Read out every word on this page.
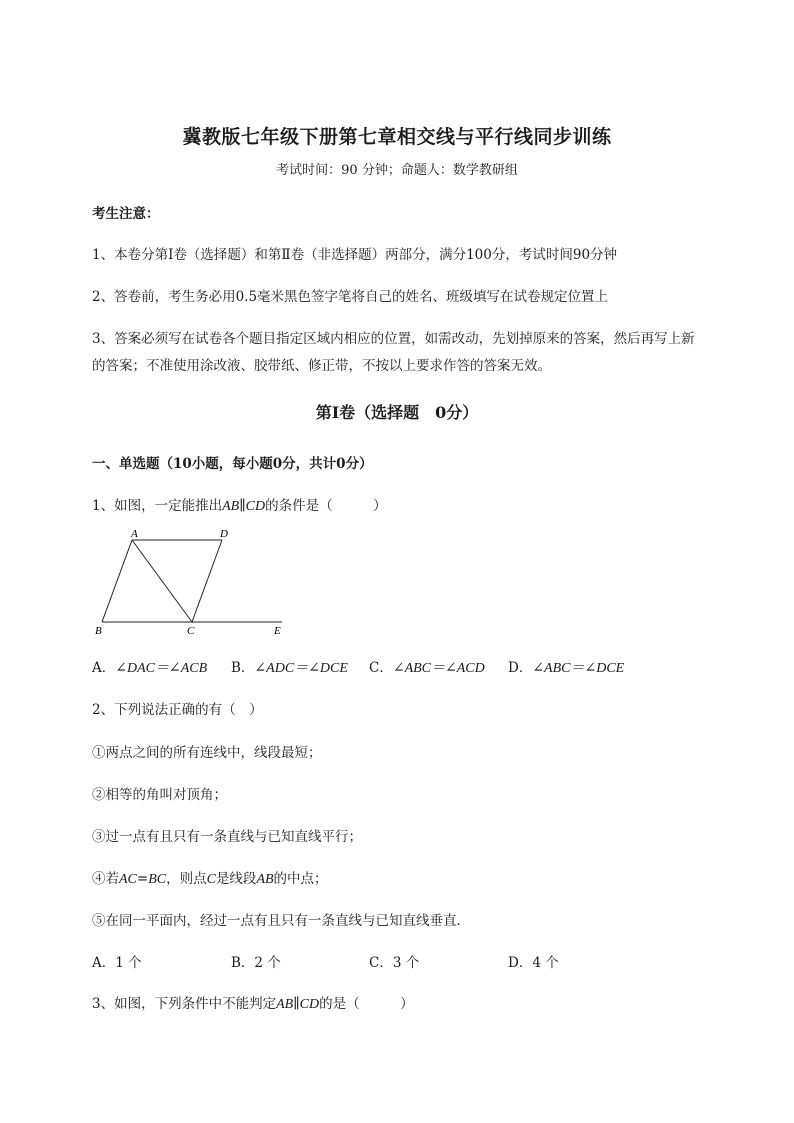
冀教版七年级下册第七章相交线与平行线同步训练
考试时间：90 分钟；命题人：数学教研组
考生注意：
1、本卷分第Ⅰ卷（选择题）和第Ⅱ卷（非选择题）两部分，满分100分，考试时间90分钟
2、答卷前，考生务必用0.5毫米黑色签字笔将自己的姓名、班级填写在试卷规定位置上
3、答案必须写在试卷各个题目指定区域内相应的位置，如需改动，先划掉原来的答案，然后再写上新
的答案；不准使用涂改液、胶带纸、修正带，不按以上要求作答的答案无效。
第Ⅰ卷（选择题　0分）
一、单选题（10小题，每小题0分，共计0分）
1、如图，一定能推出AB∥CD的条件是（　　　）
A	D
B	C	E
A．∠DAC＝∠ACB B．∠ADC＝∠DCE C．∠ABC＝∠ACD D．∠ABC＝∠DCE
2、下列说法正确的有（　）
①两点之间的所有连线中，线段最短；
②相等的角叫对顶角；
③过一点有且只有一条直线与已知直线平行；
④若AC=BC，则点C是线段AB的中点；
⑤在同一平面内，经过一点有且只有一条直线与已知直线垂直．
A．1 个	B．2 个	C．3 个	D．4 个
3、如图，下列条件中不能判定AB∥CD的是（　　　）
